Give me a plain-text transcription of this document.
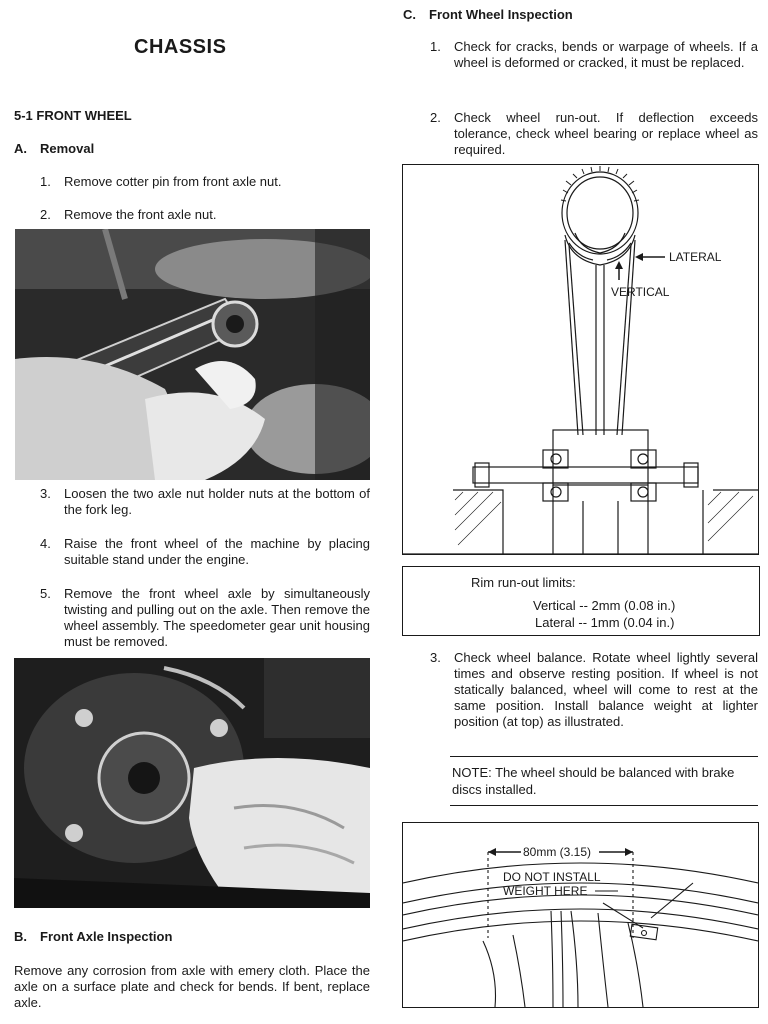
CHASSIS
5-1 FRONT WHEEL
A. Removal
1. Remove cotter pin from front axle nut.
2. Remove the front axle nut.
3. Loosen the two axle nut holder nuts at the bottom of the fork leg.
4. Raise the front wheel of the machine by placing suitable stand under the engine.
5. Remove the front wheel axle by simultaneously twisting and pulling out on the axle. Then remove the wheel assembly. The speedometer gear unit housing must be removed.
B. Front Axle Inspection
Remove any corrosion from axle with emery cloth. Place the axle on a surface plate and check for bends. If bent, replace axle.
C. Front Wheel Inspection
1. Check for cracks, bends or warpage of wheels. If a wheel is deformed or cracked, it must be replaced.
2. Check wheel run-out. If deflection exceeds tolerance, check wheel bearing or replace wheel as required.
LATERAL
VERTICAL
Rim run-out limits:
Vertical -- 2mm (0.08 in.)
Lateral -- 1mm (0.04 in.)
3. Check wheel balance. Rotate wheel lightly several times and observe resting position. If wheel is not statically balanced, wheel will come to rest at the same position. Install balance weight at lighter position (at top) as illustrated.
NOTE: The wheel should be balanced with brake discs installed.
80mm (3.15)
DO NOT INSTALL
WEIGHT HERE
